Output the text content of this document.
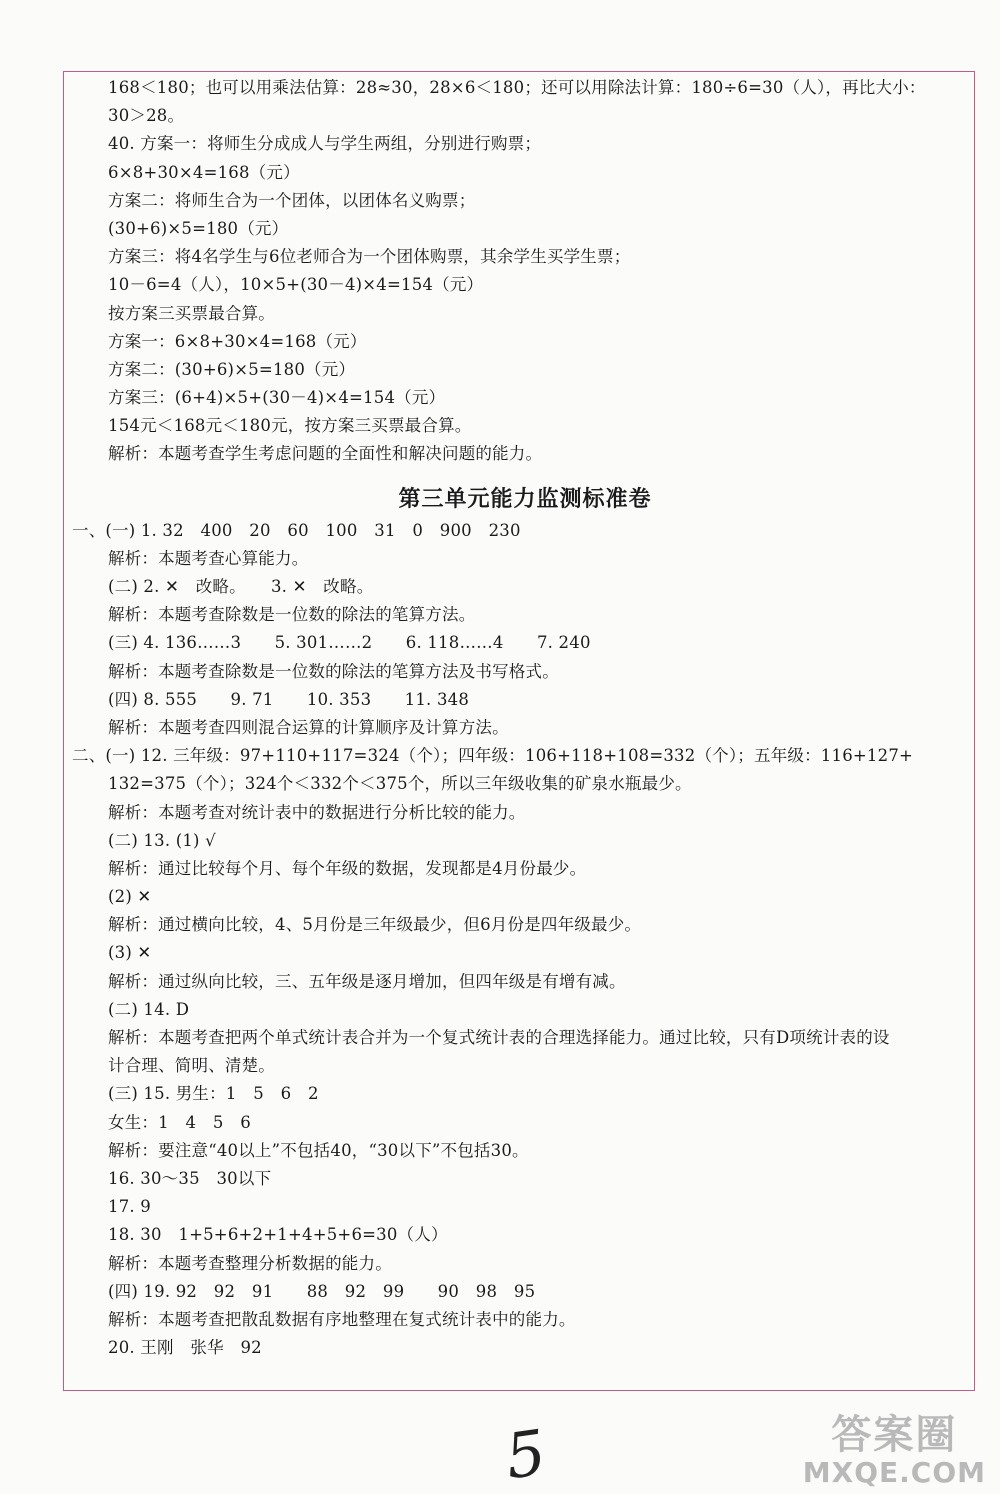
168＜180；也可以用乘法估算：28≈30，28×6＜180；还可以用除法计算：180÷6=30（人），再比大小：
30＞28。
40. 方案一：将师生分成成人与学生两组，分别进行购票；
6×8+30×4=168（元）
方案二：将师生合为一个团体，以团体名义购票；
(30+6)×5=180（元）
方案三：将4名学生与6位老师合为一个团体购票，其余学生买学生票；
10－6=4（人），10×5+(30－4)×4=154（元）
按方案三买票最合算。
方案一：6×8+30×4=168（元）
方案二：(30+6)×5=180（元）
方案三：(6+4)×5+(30－4)×4=154（元）
154元＜168元＜180元，按方案三买票最合算。
解析：本题考查学生考虑问题的全面性和解决问题的能力。
第三单元能力监测标准卷
一、(一) 1. 32　400　20　60　100　31　0　900　230
解析：本题考查心算能力。
(二) 2. ✕　改略。　　3. ✕　改略。
解析：本题考查除数是一位数的除法的笔算方法。
(三) 4. 136……3　　5. 301……2　　6. 118……4　　7. 240
解析：本题考查除数是一位数的除法的笔算方法及书写格式。
(四) 8. 555　　9. 71　　10. 353　　11. 348
解析：本题考查四则混合运算的计算顺序及计算方法。
二、(一) 12. 三年级：97+110+117=324（个）；四年级：106+118+108=332（个）；五年级：116+127+
132=375（个）；324个＜332个＜375个，所以三年级收集的矿泉水瓶最少。
解析：本题考查对统计表中的数据进行分析比较的能力。
(二) 13. (1) √
解析：通过比较每个月、每个年级的数据，发现都是4月份最少。
(2) ✕
解析：通过横向比较，4、5月份是三年级最少，但6月份是四年级最少。
(3) ✕
解析：通过纵向比较，三、五年级是逐月增加，但四年级是有增有减。
(二) 14. D
解析：本题考查把两个单式统计表合并为一个复式统计表的合理选择能力。通过比较，只有D项统计表的设
计合理、简明、清楚。
(三) 15. 男生：1　5　6　2
女生：1　4　5　6
解析：要注意“40以上”不包括40，“30以下”不包括30。
16. 30～35　30以下
17. 9
18. 30　1+5+6+2+1+4+5+6=30（人）
解析：本题考查整理分析数据的能力。
(四) 19. 92　92　91　　88　92　99　　90　98　95
解析：本题考查把散乱数据有序地整理在复式统计表中的能力。
20. 王刚　张华　92
5	答案圈
MXQE.COM
